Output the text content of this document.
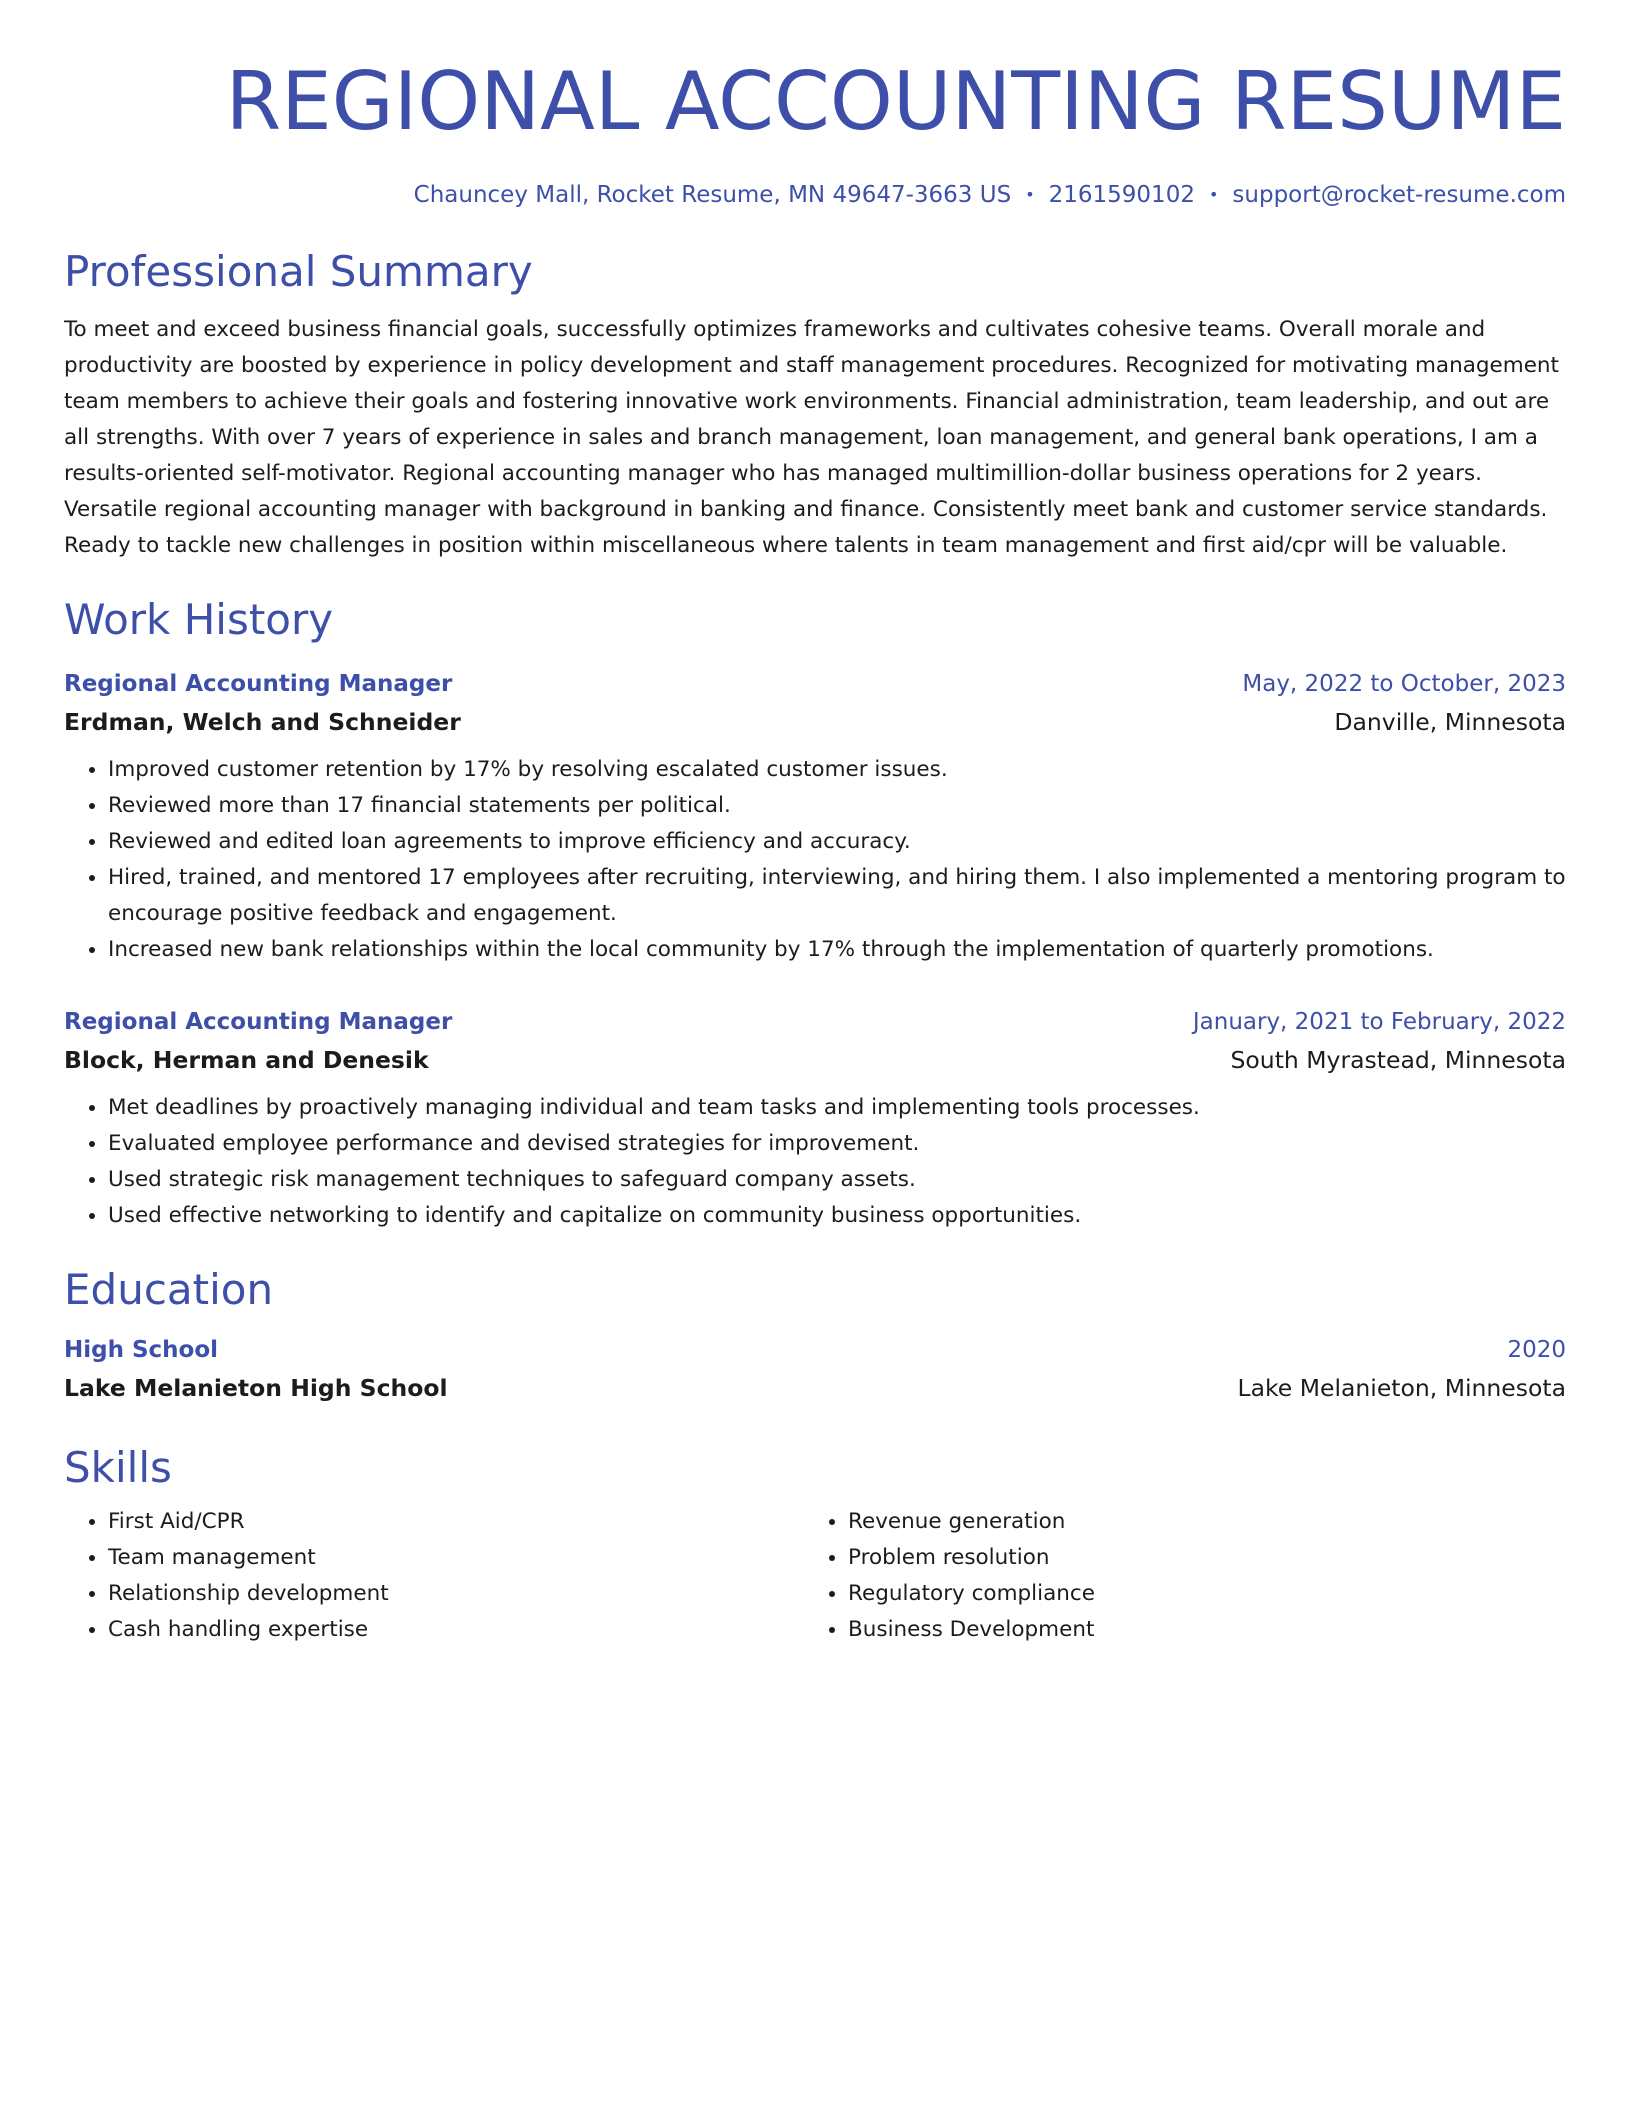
REGIONAL ACCOUNTING RESUME
Chauncey Mall, Rocket Resume, MN 49647-3663 US • 2161590102 • support@rocket-resume.com
Professional Summary
To meet and exceed business financial goals, successfully optimizes frameworks and cultivates cohesive teams. Overall morale and productivity are boosted by experience in policy development and staff management procedures. Recognized for motivating management team members to achieve their goals and fostering innovative work environments. Financial administration, team leadership, and out are all strengths. With over 7 years of experience in sales and branch management, loan management, and general bank operations, I am a results-oriented self-motivator. Regional accounting manager who has managed multimillion-dollar business operations for 2 years. Versatile regional accounting manager with background in banking and finance. Consistently meet bank and customer service standards. Ready to tackle new challenges in position within miscellaneous where talents in team management and first aid/cpr will be valuable.
Work History
Regional Accounting Manager	May, 2022 to October, 2023
Erdman, Welch and Schneider	Danville, Minnesota
• Improved customer retention by 17% by resolving escalated customer issues.
• Reviewed more than 17 financial statements per political.
• Reviewed and edited loan agreements to improve efficiency and accuracy.
• Hired, trained, and mentored 17 employees after recruiting, interviewing, and hiring them. I also implemented a mentoring program to encourage positive feedback and engagement.
• Increased new bank relationships within the local community by 17% through the implementation of quarterly promotions.
Regional Accounting Manager	January, 2021 to February, 2022
Block, Herman and Denesik	South Myrastead, Minnesota
• Met deadlines by proactively managing individual and team tasks and implementing tools processes.
• Evaluated employee performance and devised strategies for improvement.
• Used strategic risk management techniques to safeguard company assets.
• Used effective networking to identify and capitalize on community business opportunities.
Education
High School	2020
Lake Melanieton High School	Lake Melanieton, Minnesota
Skills
• First Aid/CPR
• Team management
• Relationship development
• Cash handling expertise
• Revenue generation
• Problem resolution
• Regulatory compliance
• Business Development
